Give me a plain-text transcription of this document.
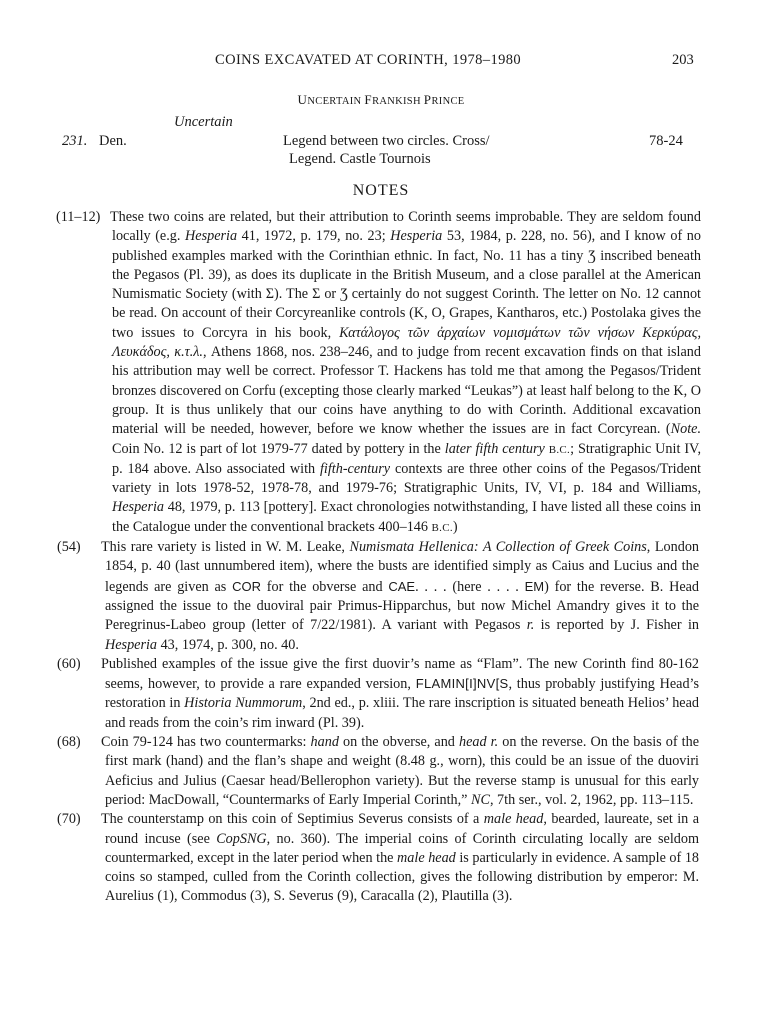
COINS EXCAVATED AT CORINTH, 1978–1980	203
UNCERTAIN FRANKISH PRINCE
Uncertain
231. Den.	Legend between two circles. Cross/
Legend. Castle Tournois
78-24
NOTES

(11–12) These two coins are related, but their attribution to Corinth seems improbable. They are seldom found locally (e.g. Hesperia 41, 1972, p. 179, no. 23; Hesperia 53, 1984, p. 228, no. 56), and I know of no published examples marked with the Corinthian ethnic. In fact, No. 11 has a tiny Ʒ inscribed beneath the Pegasos (Pl. 39), as does its duplicate in the British Museum, and a close parallel at the American Numismatic Society (with Σ). The Σ or Ʒ certainly do not suggest Corinth. The letter on No. 12 cannot be read. On account of their Corcyreanlike controls (K, O, Grapes, Kantharos, etc.) Postolaka gives the two issues to Corcyra in his book, Κατάλογος τῶν ἀρχαίων νομισμάτων τῶν νήσων Κερκύρας, Λευκάδος, κ.τ.λ., Athens 1868, nos. 238–246, and to judge from recent excavation finds on that island his attribution may well be correct. Professor T. Hackens has told me that among the Pegasos/Trident bronzes discovered on Corfu (excepting those clearly marked “Leukas”) at least half belong to the K, O group. It is thus unlikely that our coins have anything to do with Corinth. Additional excavation material will be needed, however, before we know whether the issues are in fact Corcyrean. (Note. Coin No. 12 is part of lot 1979-77 dated by pottery in the later fifth century B.C.; Stratigraphic Unit IV, p. 184 above. Also associated with fifth-century contexts are three other coins of the Pegasos/Trident variety in lots 1978-52, 1978-78, and 1979-76; Stratigraphic Units, IV, VI, p. 184 and Williams, Hesperia 48, 1979, p. 113 [pottery]. Exact chronologies notwithstanding, I have listed all these coins in the Catalogue under the conventional brackets 400–146 B.C.)

(54) This rare variety is listed in W. M. Leake, Numismata Hellenica: A Collection of Greek Coins, London 1854, p. 40 (last unnumbered item), where the busts are identified simply as Caius and Lucius and the legends are given as COR for the obverse and CAE. . . . (here . . . . EM) for the reverse. B. Head assigned the issue to the duoviral pair Primus-Hipparchus, but now Michel Amandry gives it to the Peregrinus-Labeo group (letter of 7/22/1981). A variant with Pegasos r. is reported by J. Fisher in Hesperia 43, 1974, p. 300, no. 40.

(60) Published examples of the issue give the first duovir’s name as “Flam”. The new Corinth find 80-162 seems, however, to provide a rare expanded version, FLAMIN[I]NV[S, thus probably justifying Head’s restoration in Historia Nummorum, 2nd ed., p. xliii. The rare inscription is situated beneath Helios’ head and reads from the coin’s rim inward (Pl. 39).

(68) Coin 79-124 has two countermarks: hand on the obverse, and head r. on the reverse. On the basis of the first mark (hand) and the flan’s shape and weight (8.48 g., worn), this could be an issue of the duoviri Aeficius and Julius (Caesar head/Bellerophon variety). But the reverse stamp is unusual for this early period: MacDowall, “Countermarks of Early Imperial Corinth,” NC, 7th ser., vol. 2, 1962, pp. 113–115.

(70) The counterstamp on this coin of Septimius Severus consists of a male head, bearded, laureate, set in a round incuse (see CopSNG, no. 360). The imperial coins of Corinth circulating locally are seldom countermarked, except in the later period when the male head is particularly in evidence. A sample of 18 coins so stamped, culled from the Corinth collection, gives the following distribution by emperor: M. Aurelius (1), Commodus (3), S. Severus (9), Caracalla (2), Plautilla (3).
